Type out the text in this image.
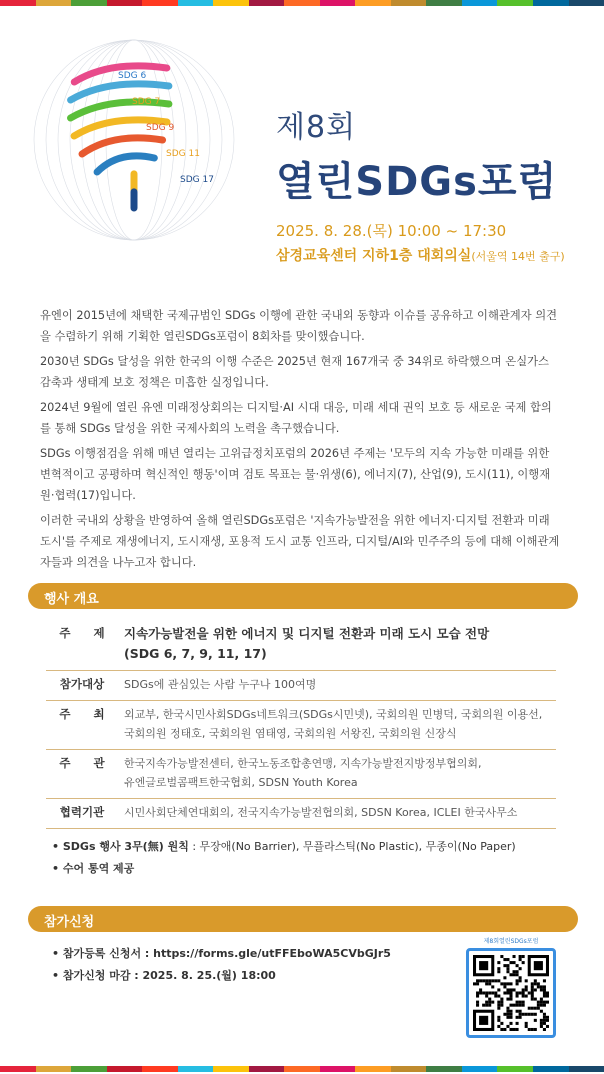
SDG 6
SDG 7
SDG 9
SDG 11
SDG 17
제8회
열린SDGs포럼
2025. 8. 28.(목) 10:00 ~ 17:30
삼경교육센터 지하1층 대회의실(서울역 14번 출구)

유엔이 2015년에 채택한 국제규범인 SDGs 이행에 관한 국내외 동향과 이슈를 공유하고 이해관계자 의견을 수렴하기 위해 기획한 열린SDGs포럼이 8회차를 맞이했습니다.

2030년 SDGs 달성을 위한 한국의 이행 수준은 2025년 현재 167개국 중 34위로 하락했으며 온실가스 감축과 생태계 보호 정책은 미흡한 실정입니다.

2024년 9월에 열린 유엔 미래정상회의는 디지털·AI 시대 대응, 미래 세대 권익 보호 등 새로운 국제 합의를 통해 SDGs 달성을 위한 국제사회의 노력을 촉구했습니다.

SDGs 이행점검을 위해 매년 열리는 고위급정치포럼의 2026년 주제는 '모두의 지속 가능한 미래를 위한 변혁적이고 공평하며 혁신적인 행동'이며 검토 목표는 물·위생(6), 에너지(7), 산업(9), 도시(11), 이행재원·협력(17)입니다.

이러한 국내외 상황을 반영하여 올해 열린SDGs포럼은 '지속가능발전을 위한 에너지·디지털 전환과 미래 도시'를 주제로 재생에너지, 도시재생, 포용적 도시 교통 인프라, 디지털/AI와 민주주의 등에 대해 이해관계자들과 의견을 나누고자 합니다.

행사 개요
주　　제	지속가능발전을 위한 에너지 및 디지털 전환과 미래 도시 모습 전망
(SDG 6, 7, 9, 11, 17)
참가대상	SDGs에 관심있는 사람 누구나 100여명
주　　최	외교부, 한국시민사회SDGs네트워크(SDGs시민넷), 국회의원 민병덕, 국회의원 이용선,
국회의원 정태호, 국회의원 염태영, 국회의원 서왕진, 국회의원 신장식
주　　관	한국지속가능발전센터, 한국노동조합총연맹, 지속가능발전지방정부협의회,
유엔글로벌콤팩트한국협회, SDSN Youth Korea
협력기관	시민사회단체연대회의, 전국지속가능발전협의회, SDSN Korea, ICLEI 한국사무소
• SDGs 행사 3무(無) 원칙 : 무장애(No Barrier), 무플라스틱(No Plastic), 무종이(No Paper)
• 수어 통역 제공
참가신청
• 참가등록 신청서 : https://forms.gle/utFFEboWA5CVbGJr5
• 참가신청 마감 : 2025. 8. 25.(월) 18:00
제8회열린SDGs포럼
